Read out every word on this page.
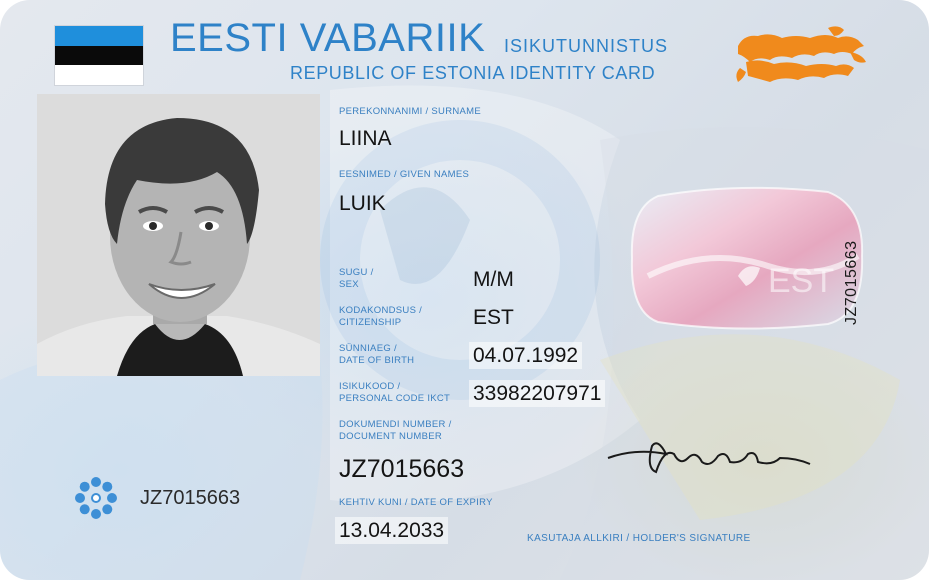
EESTI VABARIIK ISIKUTUNNISTUS
REPUBLIC OF ESTONIA IDENTITY CARD
PEREKONNANIMI / SURNAME
LIINA
EESNIMED / GIVEN NAMES
LUIK
SUGU /
SEX	M/M
KODAKONDSUS /
CITIZENSHIP	EST
SÜNNIAEG /
DATE OF BIRTH	04.07.1992
ISIKUKOOD /
PERSONAL CODE IKCT 33982207971
DOKUMENDI NUMBER /
DOCUMENT NUMBER
JZ7015663
KEHTIV KUNI / DATE OF EXPIRY
13.04.2033
EST JZ7015663
JZ7015663
KASUTAJA ALLKIRI / HOLDER'S SIGNATURE
